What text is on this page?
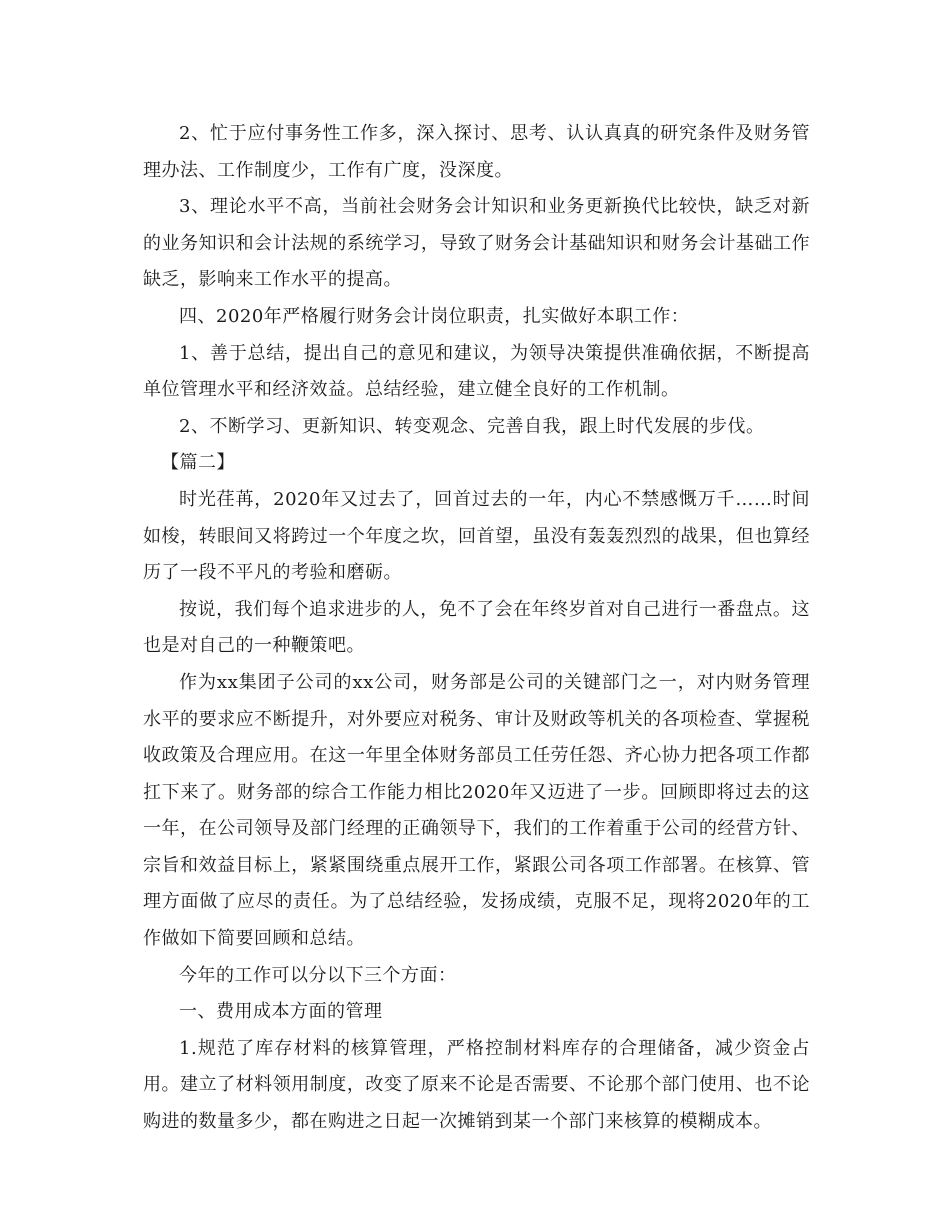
2、忙于应付事务性工作多，深入探讨、思考、认认真真的研究条件及财务管理办法、工作制度少，工作有广度，没深度。

3、理论水平不高，当前社会财务会计知识和业务更新换代比较快，缺乏对新的业务知识和会计法规的系统学习，导致了财务会计基础知识和财务会计基础工作缺乏，影响来工作水平的提高。

四、2020年严格履行财务会计岗位职责，扎实做好本职工作：

1、善于总结，提出自己的意见和建议，为领导决策提供准确依据，不断提高单位管理水平和经济效益。总结经验，建立健全良好的工作机制。

2、不断学习、更新知识、转变观念、完善自我，跟上时代发展的步伐。

【篇二】

时光荏苒，2020年又过去了，回首过去的一年，内心不禁感慨万千……时间如梭，转眼间又将跨过一个年度之坎，回首望，虽没有轰轰烈烈的战果，但也算经历了一段不平凡的考验和磨砺。

按说，我们每个追求进步的人，免不了会在年终岁首对自己进行一番盘点。这也是对自己的一种鞭策吧。

作为xx集团子公司的xx公司，财务部是公司的关键部门之一，对内财务管理水平的要求应不断提升，对外要应对税务、审计及财政等机关的各项检查、掌握税收政策及合理应用。在这一年里全体财务部员工任劳任怨、齐心协力把各项工作都扛下来了。财务部的综合工作能力相比2020年又迈进了一步。回顾即将过去的这一年，在公司领导及部门经理的正确领导下，我们的工作着重于公司的经营方针、宗旨和效益目标上，紧紧围绕重点展开工作，紧跟公司各项工作部署。在核算、管理方面做了应尽的责任。为了总结经验，发扬成绩，克服不足，现将2020年的工作做如下简要回顾和总结。

今年的工作可以分以下三个方面：

一、费用成本方面的管理

1.规范了库存材料的核算管理，严格控制材料库存的合理储备，减少资金占用。建立了材料领用制度，改变了原来不论是否需要、不论那个部门使用、也不论购进的数量多少，都在购进之日起一次摊销到某一个部门来核算的模糊成本。
